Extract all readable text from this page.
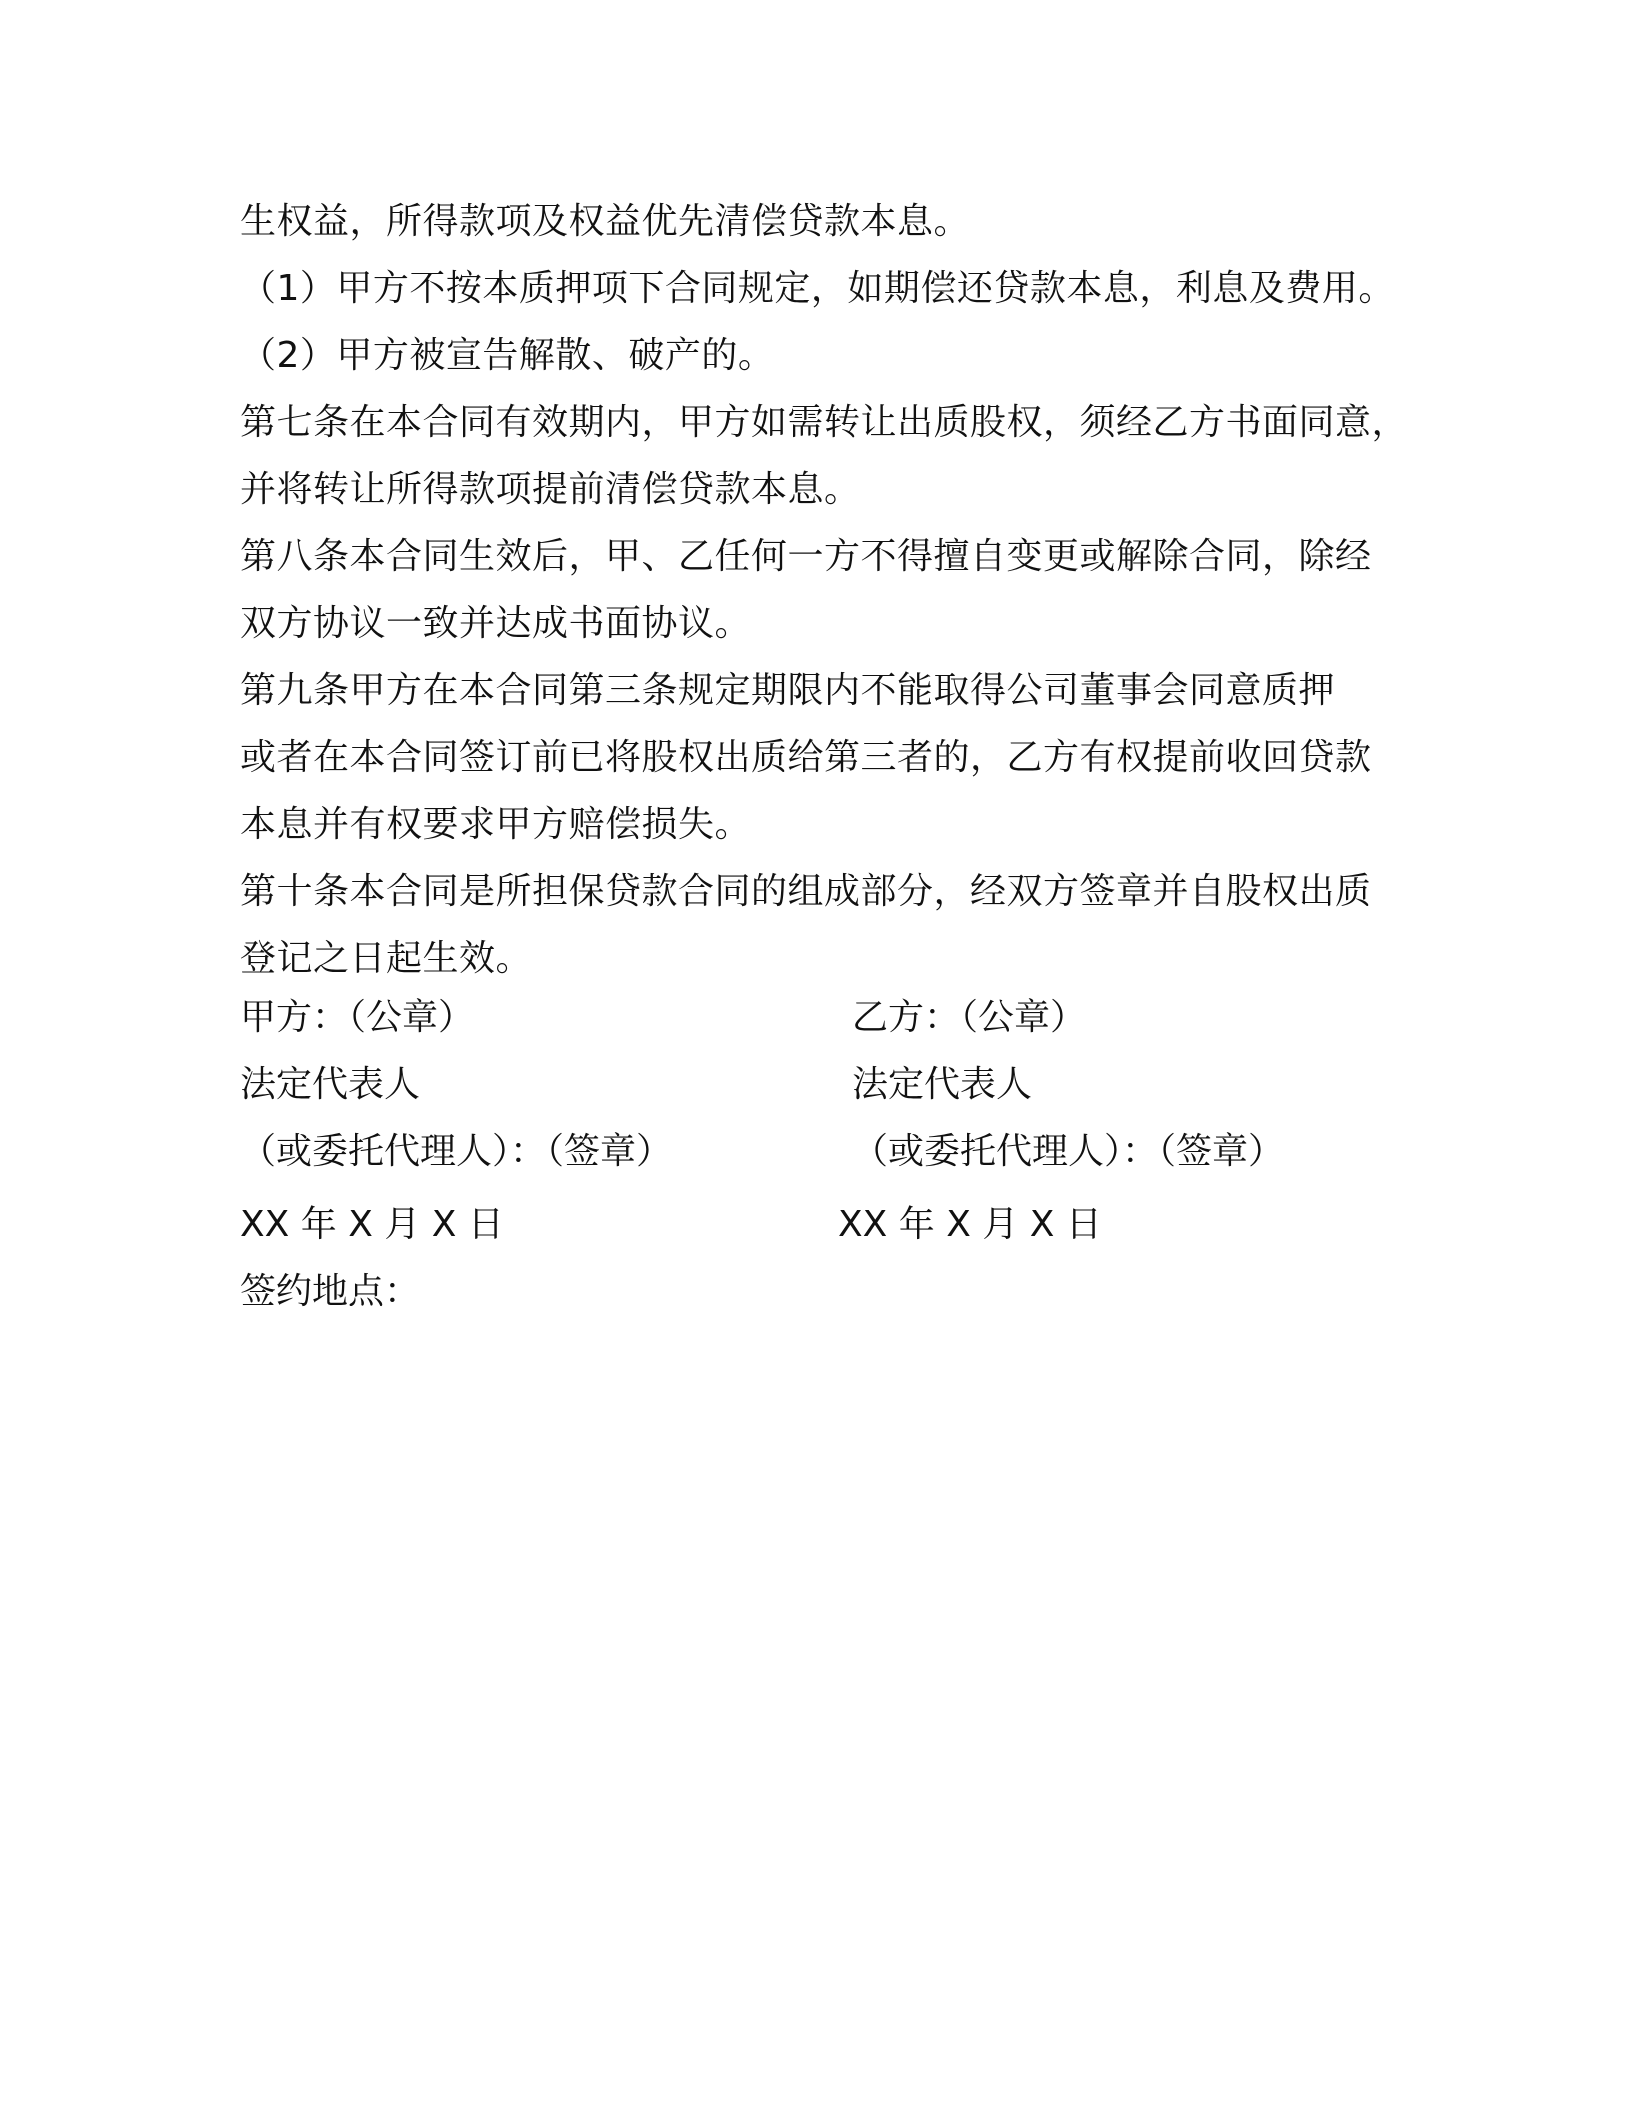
生权益，所得款项及权益优先清偿贷款本息。
（1）甲方不按本质押项下合同规定，如期偿还贷款本息，利息及费用。
（2）甲方被宣告解散、破产的。
第七条在本合同有效期内，甲方如需转让出质股权，须经乙方书面同意，
并将转让所得款项提前清偿贷款本息。
第八条本合同生效后，甲、乙任何一方不得擅自变更或解除合同，除经
双方协议一致并达成书面协议。
第九条甲方在本合同第三条规定期限内不能取得公司董事会同意质押
或者在本合同签订前已将股权出质给第三者的，乙方有权提前收回贷款
本息并有权要求甲方赔偿损失。
第十条本合同是所担保贷款合同的组成部分，经双方签章并自股权出质
登记之日起生效。
甲方：（公章）	乙方：（公章）
法定代表人	法定代表人
（或委托代理人）：（签章）	（或委托代理人）：（签章）
XX 年 X 月 X 日	XX 年 X 月 X 日
签约地点：
